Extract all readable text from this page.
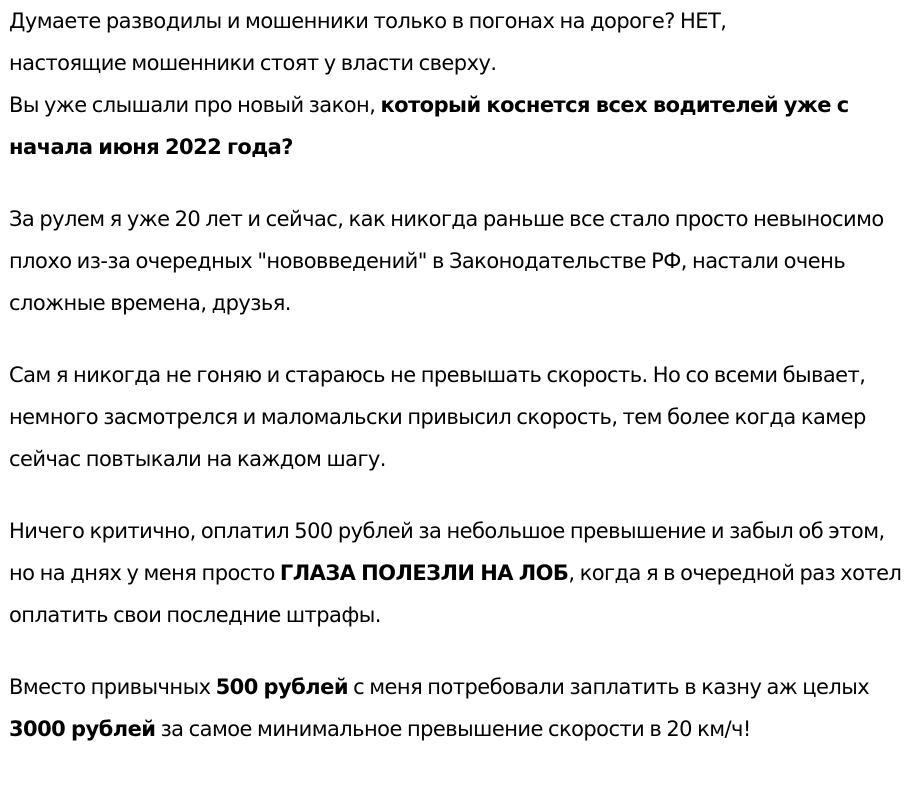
Думаете разводилы и мошенники только в погонах на дороге? НЕТ,
настоящие мошенники стоят у власти сверху.
Вы уже слышали про новый закон, который коснется всех водителей уже с начала июня 2022 года?

За рулем я уже 20 лет и сейчас, как никогда раньше все стало просто невыносимо плохо из-за очередных "нововведений" в Законодательстве РФ, настали очень сложные времена, друзья.

Сам я никогда не гоняю и стараюсь не превышать скорость. Но со всеми бывает, немного засмотрелся и маломальски привысил скорость, тем более когда камер сейчас повтыкали на каждом шагу.

Ничего критично, оплатил 500 рублей за небольшое превышение и забыл об этом, но на днях у меня просто ГЛАЗА ПОЛЕЗЛИ НА ЛОБ, когда я в очередной раз хотел оплатить свои последние штрафы.

Вместо привычных 500 рублей с меня потребовали заплатить в казну аж целых 3000 рублей за самое минимальное превышение скорости в 20 км/ч!
